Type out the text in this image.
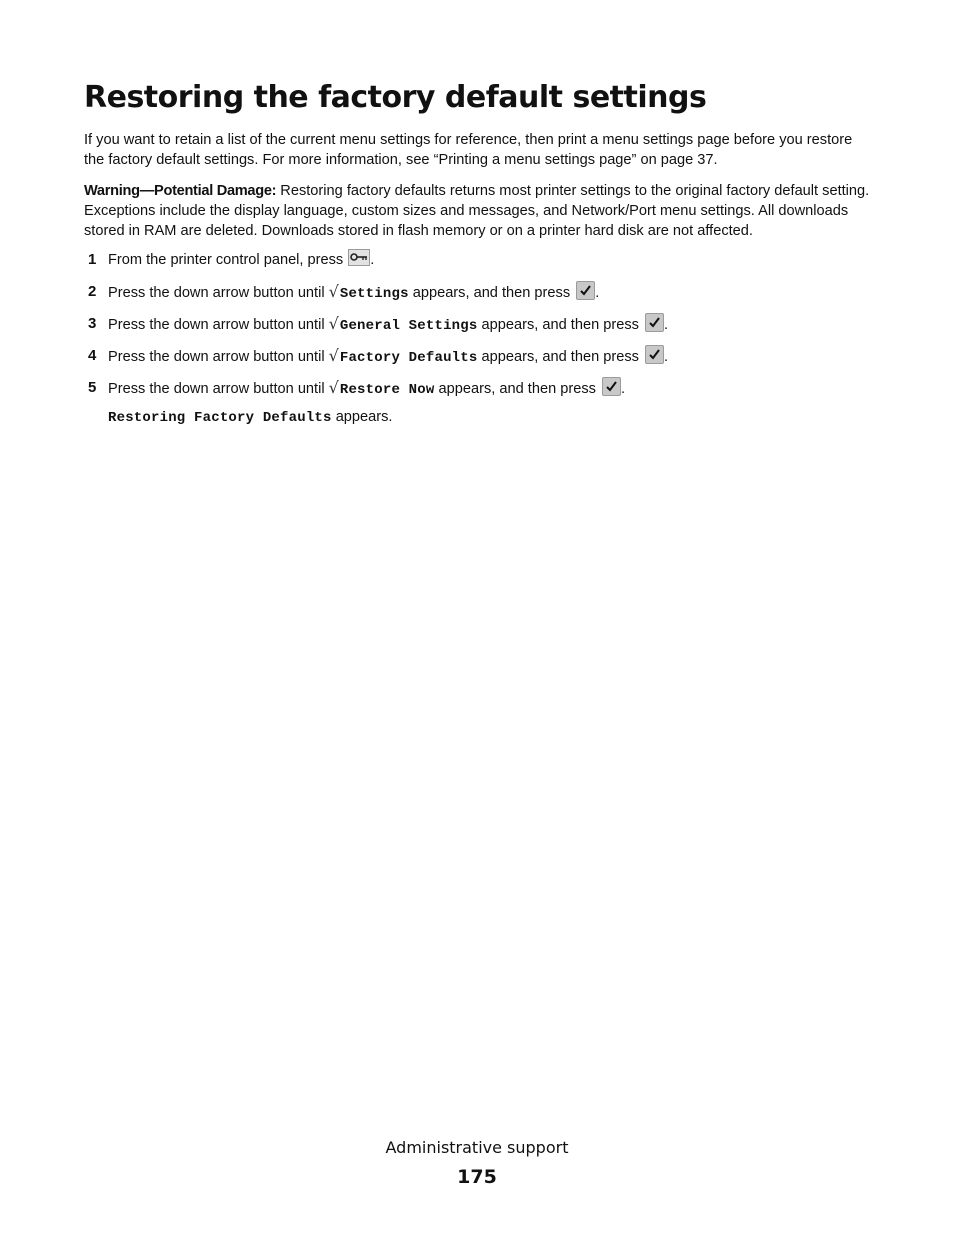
Restoring the factory default settings

If you want to retain a list of the current menu settings for reference, then print a menu settings page before you restore the factory default settings. For more information, see “Printing a menu settings page” on page 37.

Warning—Potential Damage: Restoring factory defaults returns most printer settings to the original factory default setting. Exceptions include the display language, custom sizes and messages, and Network/Port menu settings. All downloads stored in RAM are deleted. Downloads stored in flash memory or on a printer hard disk are not affected.

1 From the printer control panel, press
.
2 Press the down arrow button until √Settings appears, and then press
.
3 Press the down arrow button until √General Settings appears, and then press
.
4 Press the down arrow button until √Factory Defaults appears, and then press
.
5 Press the down arrow button until √Restore Now appears, and then press
.
Restoring Factory Defaults appears.
Administrative support
175
